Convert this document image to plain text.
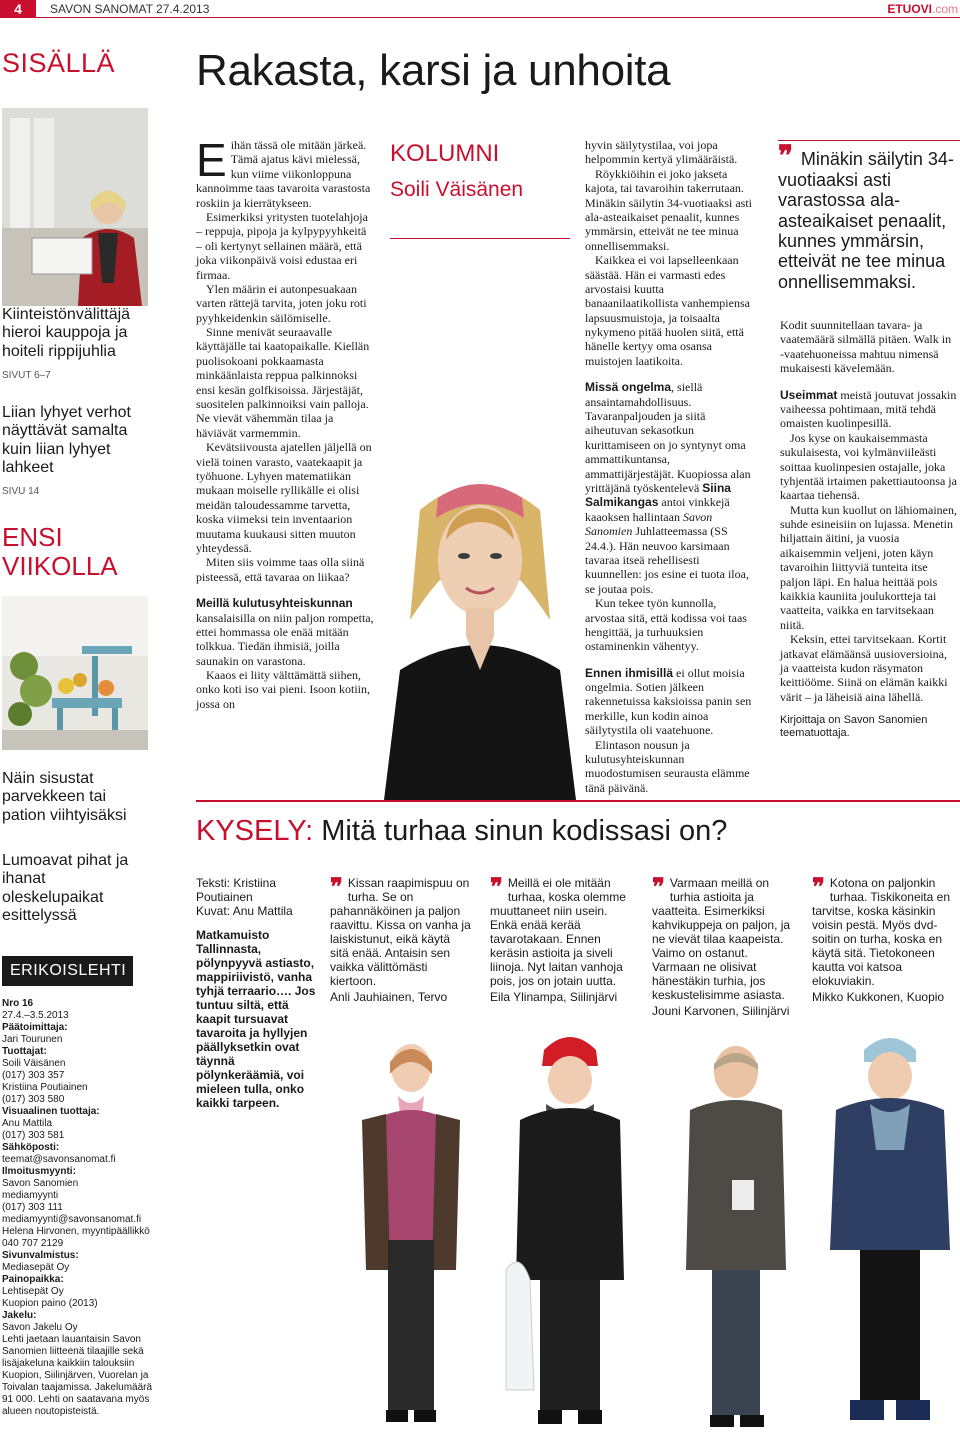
4	SAVON SANOMAT 27.4.2013	ETUOVI.com
SISÄLLÄ
Kiinteistönvälittäjä hieroi kauppoja ja hoiteli rippijuhlia
SIVUT 6–7
Liian lyhyet verhot näyttävät samalta kuin liian lyhyet lahkeet
SIVU 14
ENSI VIIKOLLA
Näin sisustat parvekkeen tai pation viihtyisäksi
Lumoavat pihat ja ihanat oleskelupaikat esittelyssä
ERIKOISLEHTI
Nro 16
27.4.–3.5.2013
Päätoimittaja:
Jari Tourunen
Tuottajat:
Soili Väisänen
(017) 303 357
Kristiina Poutiainen
(017) 303 580
Visuaalinen tuottaja:
Anu Mattila
(017) 303 581
Sähköposti:
teemat@savonsanomat.fi
Ilmoitusmyynti:
Savon Sanomien
mediamyynti
(017) 303 111
mediamyynti@savonsanomat.fi
Helena Hirvonen, myyntipäällikkö
040 707 2129
Sivunvalmistus:
Mediasepät Oy
Painopaikka:
Lehtisepät Oy
Kuopion paino (2013)
Jakelu:
Savon Jakelu Oy
Lehti jaetaan lauantaisin Savon Sanomien liitteenä tilaajille sekä lisäjakeluna kaikkiin talouksiin Kuopion, Siilinjärven, Vuorelan ja Toivalan taajamissa. Jakelumäärä 91 000. Lehti on saatavana myös alueen noutopisteistä.
Rakasta, karsi ja unhoita

Eihän tässä ole mitään järkeä. Tämä ajatus kävi mielessä, kun viime viikonloppuna kannoimme taas tavaroita varastosta roskiin ja kierrätykseen.

Esimerkiksi yritysten tuotelahjoja – reppuja, pipoja ja kylpypyyhkeitä – oli kertynyt sellainen määrä, että joka viikonpäivä voisi edustaa eri firmaa.

Ylen määrin ei autonpesuakaan varten rättejä tarvita, joten joku roti pyyhkeidenkin säilömiselle.

Sinne menivät seuraavalle käyttäjälle tai kaatopaikalle. Kiellän puolisokoani pokkaamasta minkäänlaista reppua palkinnoksi ensi kesän golfkisoissa. Järjestäjät, suositelen palkinnoiksi vain palloja. Ne vievät vähemmän tilaa ja häviävät varmemmin.

Kevätsiivousta ajatellen jäljellä on vielä toinen varasto, vaatekaapit ja työhuone. Lyhyen matematiikan mukaan moiselle ryllikälle ei olisi meidän taloudessamme tarvetta, koska viimeksi tein inventaarion muutama kuukausi sitten muuton yhteydessä.

Miten siis voimme taas olla siinä pisteessä, että tavaraa on liikaa?

Meillä kulutusyhteiskunnan kansalaisilla on niin paljon rompetta, ettei hommassa ole enää mitään tolkkua. Tiedän ihmisiä, joilla saunakin on varastona.

Kaaos ei liity välttämättä siihen, onko koti iso vai pieni. Isoon kotiin, jossa on

KOLUMNI
Soili Väisänen

hyvin säilytystilaa, voi jopa helpommin kertyä ylimääräistä.

Röykkiöihin ei joko jakseta kajota, tai tavaroihin takerrutaan. Minäkin säilytin 34-vuotiaaksi asti ala-asteaikaiset penaalit, kunnes ymmärsin, etteivät ne tee minua onnellisemmaksi.

Kaikkea ei voi lapselleenkaan säästää. Hän ei varmasti edes arvostaisi kuutta banaanilaatikollista vanhempiensa lapsuusmuistoja, ja toisaalta nykymeno pitää huolen siitä, että hänelle kertyy oma osansa muistojen laatikoita.

Missä ongelma, siellä ansaintamahdollisuus. Tavaranpaljouden ja siitä aiheutuvan sekasotkun kurittamiseen on jo syntynyt oma ammattikuntansa, ammattijärjestäjät. Kuopiossa alan yrittäjänä työskentelevä Siina Salmikangas antoi vinkkejä kaaoksen hallintaan Savon Sanomien Juhlatteemassa (SS 24.4.). Hän neuvoo karsimaan tavaraa itseä rehellisesti kuunnellen: jos esine ei tuota iloa, se joutaa pois.

Kun tekee työn kunnolla, arvostaa sitä, että kodissa voi taas hengittää, ja turhuuksien ostaminenkin vähentyy.

Ennen ihmisillä ei ollut moisia ongelmia. Sotien jälkeen rakennetuissa kaksioissa panin sen merkille, kun kodin ainoa säilytystila oli vaatehuone.

Elintason nousun ja kulutusyhteiskunnan muodostumisen seurausta elämme tänä päivänä.

❞ Minäkin säilytin 34-vuotiaaksi asti varastossa ala-asteaikaiset penaalit, kunnes ymmärsin, etteivät ne tee minua onnellisemmaksi.

Kodit suunnitellaan tavara- ja vaatemäärä silmällä pitäen. Walk in -vaatehuoneissa mahtuu nimensä mukaisesti kävelemään.

Useimmat meistä joutuvat jossakin vaiheessa pohtimaan, mitä tehdä omaisten kuolinpesillä.

Jos kyse on kaukaisemmasta sukulaisesta, voi kylmänviileästi soittaa kuolinpesien ostajalle, joka tyhjentää irtaimen pakettiautoonsa ja kaartaa tiehensä.

Mutta kun kuollut on lähiomainen, suhde esineisiin on lujassa. Menetin hiljattain äitini, ja vuosia aikaisemmin veljeni, joten käyn tavaroihin liittyviä tunteita itse paljon läpi. En halua heittää pois kaikkia kauniita joulukortteja tai vaatteita, vaikka en tarvitsekaan niitä.

Keksin, ettei tarvitsekaan. Kortit jatkavat elämäänsä uusioversioina, ja vaatteista kudon räsymaton keittiööme. Siinä on elämän kaikki värit – ja läheisiä aina lähellä.

Kirjoittaja on Savon Sanomien teematuottaja.

KYSELY: Mitä turhaa sinun kodissasi on?
Teksti: Kristiina Poutiainen
Kuvat: Anu Mattila
Matkamuisto Tallinnasta, pölynpyyvä astiasto, mappiriivistö, vanha tyhjä terraario…. Jos tuntuu siltä, että kaapit tursuavat tavaroita ja hyllyjen päällyksetkin ovat täynnä pölynkeräämiä, voi mieleen tulla, onko kaikki tarpeen.
❞ Kissan raapimispuu on turha. Se on pahannäköinen ja paljon raavittu. Kissa on vanha ja laiskistunut, eikä käytä sitä enää. Antaisin sen vaikka välittömästi kiertoon.
Anli Jauhiainen, Tervo
❞ Meillä ei ole mitään turhaa, koska olemme muuttaneet niin usein. Enkä enää kerää tavarotakaan. Ennen keräsin astioita ja siveli liinoja. Nyt laitan vanhoja pois, jos on jotain uutta.
Eila Ylinampa, Siilinjärvi
❞ Varmaan meillä on turhia astioita ja vaatteita. Esimerkiksi kahvikuppeja on paljon, ja ne vievät tilaa kaapeista. Vaimo on ostanut. Varmaan ne olisivat hänestäkin turhia, jos keskustelisimme asiasta.
Jouni Karvonen, Siilinjärvi
❞ Kotona on paljonkin turhaa. Tiskikoneita en tarvitse, koska käsinkin voisin pestä. Myös dvd-soitin on turha, koska en käytä sitä. Tietokoneen kautta voi katsoa elokuviakin.
Mikko Kukkonen, Kuopio
